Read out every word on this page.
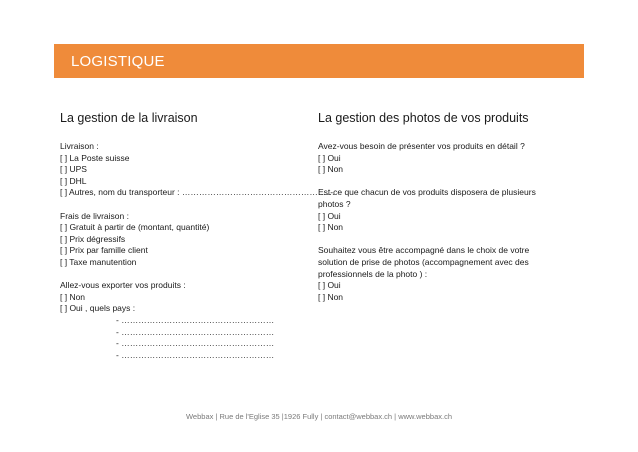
LOGISTIQUE
La gestion de la livraison
Livraison :
[ ] La Poste suisse
[ ] UPS
[ ] DHL
[ ] Autres, nom du transporteur : ………………………………………………
Frais de livraison :
[ ] Gratuit à partir de (montant, quantité)
[ ] Prix dégressifs
[ ] Prix par famille client
[ ] Taxe manutention
Allez-vous exporter vos produits :
[ ] Non
[ ] Oui , quels pays :
- ………………………………………………
- ………………………………………………
- ………………………………………………
- ………………………………………………
La gestion des photos de vos produits
Avez-vous besoin de présenter vos produits en détail ?
[ ] Oui
[ ] Non
Est-ce que chacun de vos produits disposera de plusieurs
photos ?
[ ] Oui
[ ] Non
Souhaitez vous être accompagné dans le choix de votre
solution de prise de photos (accompagnement avec des
professionnels de la photo ) :
[ ] Oui
[ ] Non
Webbax | Rue de l'Eglise 35 |1926 Fully | contact@webbax.ch | www.webbax.ch
